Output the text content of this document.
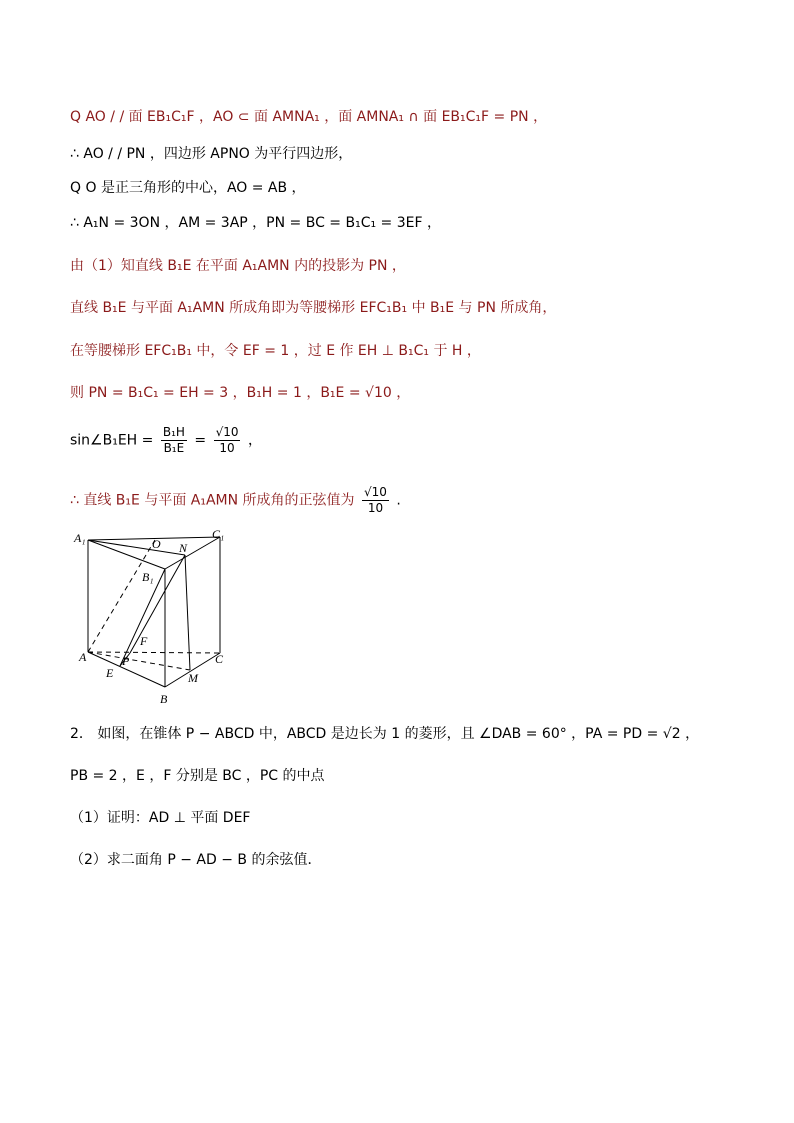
Q AO / / 面 EB₁C₁F ，AO ⊂ 面 AMNA₁ ，面 AMNA₁ ∩ 面 EB₁C₁F = PN ，
∴ AO / / PN ，四边形 APNO 为平行四边形，
Q O 是正三角形的中心，AO = AB ，
∴ A₁N = 3ON ，AM = 3AP ，PN = BC = B₁C₁ = 3EF ，
由（1）知直线 B₁E 在平面 A₁AMN 内的投影为 PN ，
直线 B₁E 与平面 A₁AMN 所成角即为等腰梯形 EFC₁B₁ 中 B₁E 与 PN 所成角，
在等腰梯形 EFC₁B₁ 中，令 EF = 1 ，过 E 作 EH ⊥ B₁C₁ 于 H ，
则 PN = B₁C₁ = EH = 3 ，B₁H = 1 ，B₁E = √10 ，
sin∠B₁EH = $\frac{\text{B₁H}}{\text{B₁E}} = \frac{√10}{10}$ ，
∴ 直线 B₁E 与平面 A₁AMN 所成角的正弦值为 $\frac{√10}{10}$ .
A₁	O N
C₁
B₁
F
A	P	C
E	M
B
2． 如图，在锥体 P − ABCD 中，ABCD 是边长为 1 的菱形，且 ∠DAB = 60° ，PA = PD = √2 ，
PB = 2 ，E ，F 分别是 BC ，PC 的中点
（1）证明：AD ⊥ 平面 DEF
（2）求二面角 P − AD − B 的余弦值．
